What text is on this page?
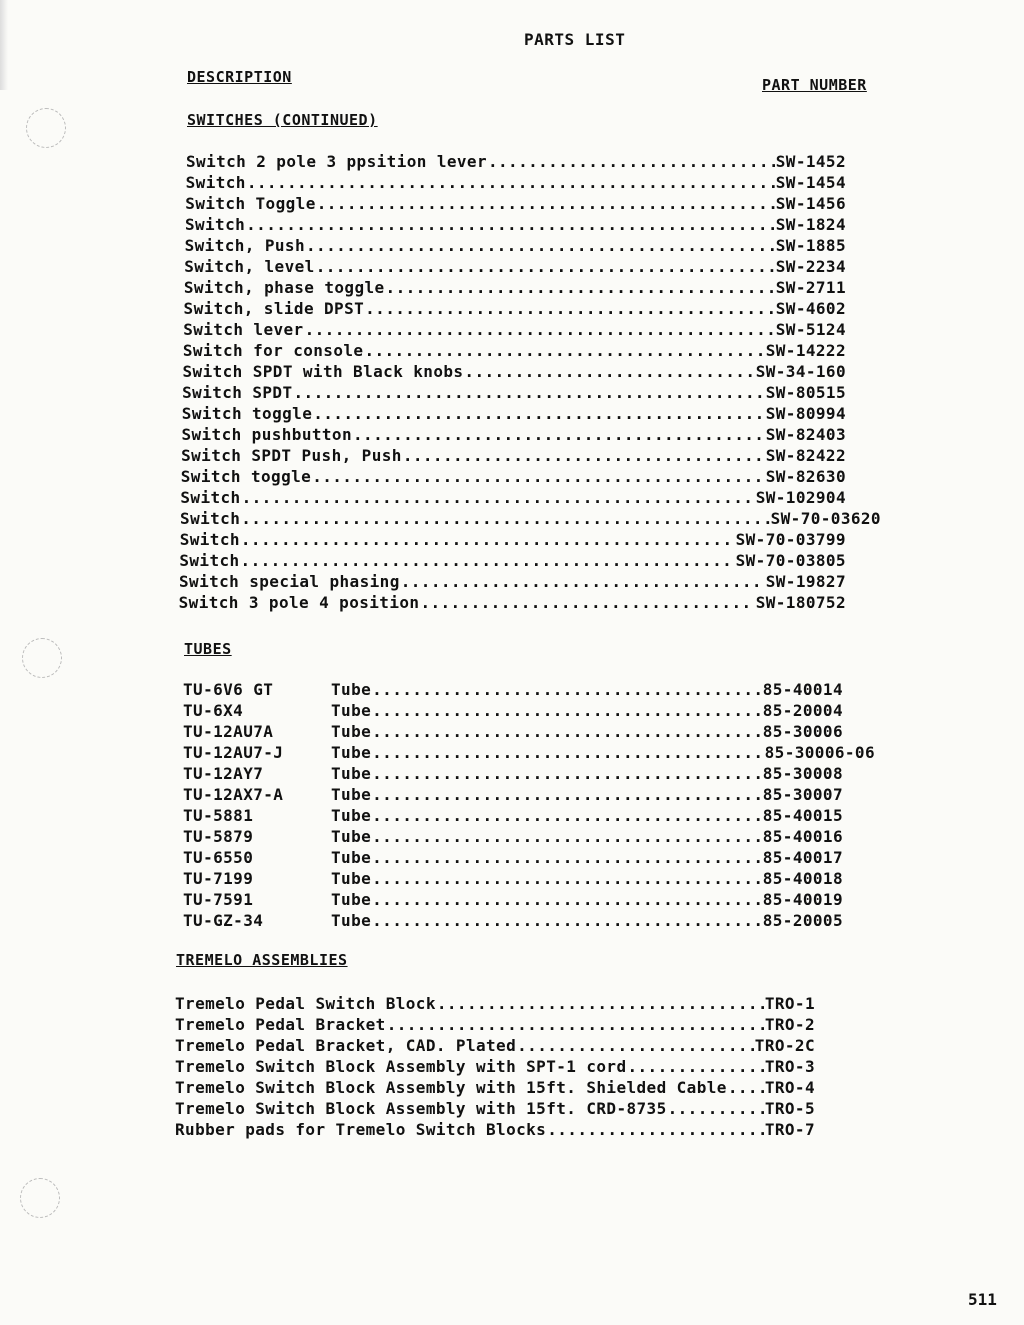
PARTS LIST
DESCRIPTION	PART NUMBER
SWITCHES (CONTINUED)
Switch 2 pole 3 ppsition lever .....	SW-1452
Switch .....	SW-1454
Switch Toggle .....	SW-1456
Switch .....	SW-1824
Switch, Push .....	SW-1885
Switch, level .....	SW-2234
Switch, phase toggle .....	SW-2711
Switch, slide DPST .....	SW-4602
Switch lever .....	SW-5124
Switch for console .....	SW-14222
Switch SPDT with Black knobs .....	SW-34-160
Switch SPDT .....	SW-80515
Switch toggle .....	SW-80994
Switch pushbutton .....	SW-82403
Switch SPDT Push, Push .....	SW-82422
Switch toggle .....	SW-82630
Switch .....	SW-102904
Switch .....	SW-70-03620
Switch .....	SW-70-03799
Switch .....	SW-70-03805
Switch special phasing .....	SW-19827
Switch 3 pole 4 position .....	SW-180752
TUBES
TU-6V6 GT	Tube .....	85-40014
TU-6X4	Tube .....	85-20004
TU-12AU7A	Tube .....	85-30006
TU-12AU7-J	Tube .....	85-30006-06
TU-12AY7	Tube .....	85-30008
TU-12AX7-A	Tube .....	85-30007
TU-5881	Tube .....	85-40015
TU-5879	Tube .....	85-40016
TU-6550	Tube .....	85-40017
TU-7199	Tube .....	85-40018
TU-7591	Tube .....	85-40019
TU-GZ-34	Tube .....	85-20005
TREMELO ASSEMBLIES
Tremelo Pedal Switch Block .....	TRO-1
Tremelo Pedal Bracket .....	TRO-2
Tremelo Pedal Bracket, CAD. Plated .....	TRO-2C
Tremelo Switch Block Assembly with SPT-1 cord .....	TRO-3
Tremelo Switch Block Assembly with 15ft. Shielded Cable ..... TRO-4
Tremelo Switch Block Assembly with 15ft. CRD-8735 .....	TRO-5
Rubber pads for Tremelo Switch Blocks .....	TRO-7
511
